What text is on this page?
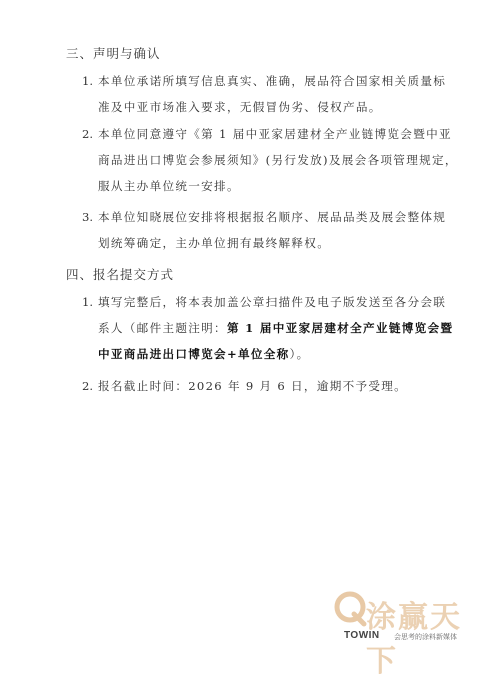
三、声明与确认
1. 本单位承诺所填写信息真实、准确，展品符合国家相关质量标
准及中亚市场准入要求，无假冒伪劣、侵权产品。
2. 本单位同意遵守《第 1 届中亚家居建材全产业链博览会暨中亚
商品进出口博览会参展须知》(另行发放)及展会各项管理规定，
服从主办单位统一安排。
3. 本单位知晓展位安排将根据报名顺序、展品品类及展会整体规
划统筹确定，主办单位拥有最终解释权。
四、报名提交方式
1. 填写完整后，将本表加盖公章扫描件及电子版发送至各分会联
系人（邮件主题注明：第 1 届中亚家居建材全产业链博览会暨
中亚商品进出口博览会+单位全称）。
2. 报名截止时间：2026 年 9 月 6 日，逾期不予受理。
涂赢天下
TOWIN 会思考的涂料新媒体
